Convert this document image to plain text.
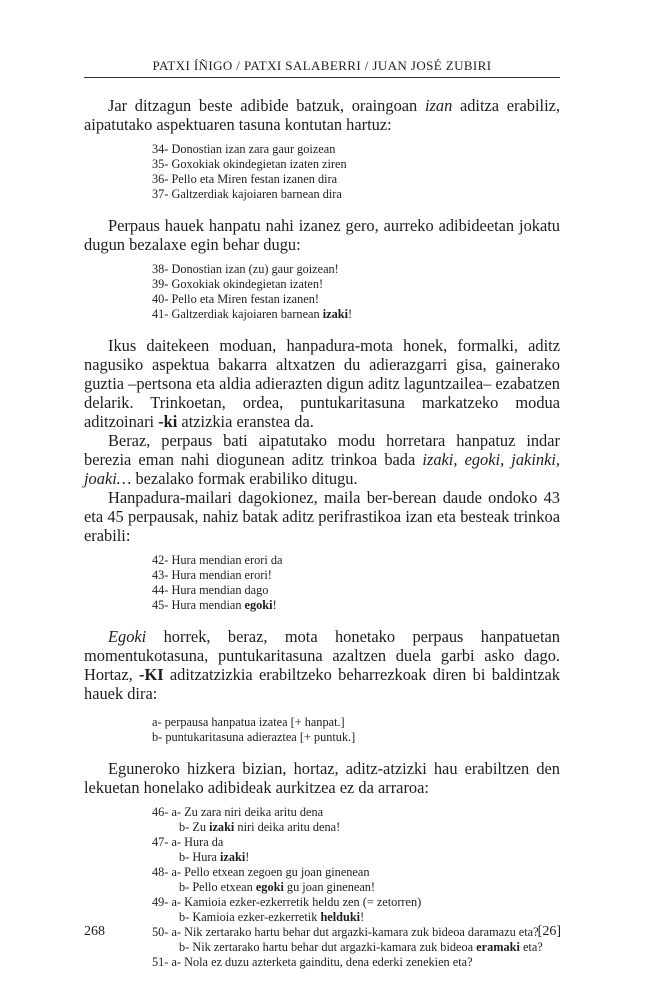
PATXI ÍÑIGO / PATXI SALABERRI / JUAN JOSÉ ZUBIRI

Jar ditzagun beste adibide batzuk, oraingoan izan aditza erabiliz, aipatutako aspektuaren tasuna kontutan hartuz:

34- Donostian izan zara gaur goizean
35- Goxokiak okindegietan izaten ziren
36- Pello eta Miren festan izanen dira
37- Galtzerdiak kajoiaren barnean dira

Perpaus hauek hanpatu nahi izanez gero, aurreko adibideetan jokatu dugun bezalaxe egin behar dugu:

38- Donostian izan (zu) gaur goizean!
39- Goxokiak okindegietan izaten!
40- Pello eta Miren festan izanen!
41- Galtzerdiak kajoiaren barnean izaki!

Ikus daitekeen moduan, hanpadura-mota honek, formalki, aditz nagusiko aspektua bakarra altxatzen du adierazgarri gisa, gainerako guztia –pertsona eta aldia adierazten digun aditz laguntzailea– ezabatzen delarik. Trinkoetan, ordea, puntukaritasuna markatzeko modua aditzoinari -ki atzizkia eranstea da.

Beraz, perpaus bati aipatutako modu horretara hanpatuz indar berezia eman nahi diogunean aditz trinkoa bada izaki, egoki, jakinki, joaki… bezalako formak erabiliko ditugu.

Hanpadura-mailari dagokionez, maila ber-berean daude ondoko 43 eta 45 perpausak, nahiz batak aditz perifrastikoa izan eta besteak trinkoa erabili:

42- Hura mendian erori da
43- Hura mendian erori!
44- Hura mendian dago
45- Hura mendian egoki!

Egoki horrek, beraz, mota honetako perpaus hanpatuetan momentukotasuna, puntukaritasuna azaltzen duela garbi asko dago. Hortaz, -KI aditzatzizkia erabiltzeko beharrezkoak diren bi baldintzak hauek dira:

a- perpausa hanpatua izatea [+ hanpat.]
b- puntukaritasuna adieraztea [+ puntuk.]

Eguneroko hizkera bizian, hortaz, aditz-atzizki hau erabiltzen den lekuetan honelako adibideak aurkitzea ez da arraroa:

46- a- Zu zara niri deika aritu dena
b- Zu izaki niri deika aritu dena!
47- a- Hura da
b- Hura izaki!
48- a- Pello etxean zegoen gu joan ginenean
b- Pello etxean egoki gu joan ginenean!
49- a- Kamioia ezker-ezkerretik heldu zen (= zetorren)
b- Kamioia ezker-ezkerretik helduki!
50- a- Nik zertarako hartu behar dut argazki-kamara zuk bideoa daramazu eta?
b- Nik zertarako hartu behar dut argazki-kamara zuk bideoa eramaki eta?
51- a- Nola ez duzu azterketa gainditu, dena ederki zenekien eta?
268	[26]
